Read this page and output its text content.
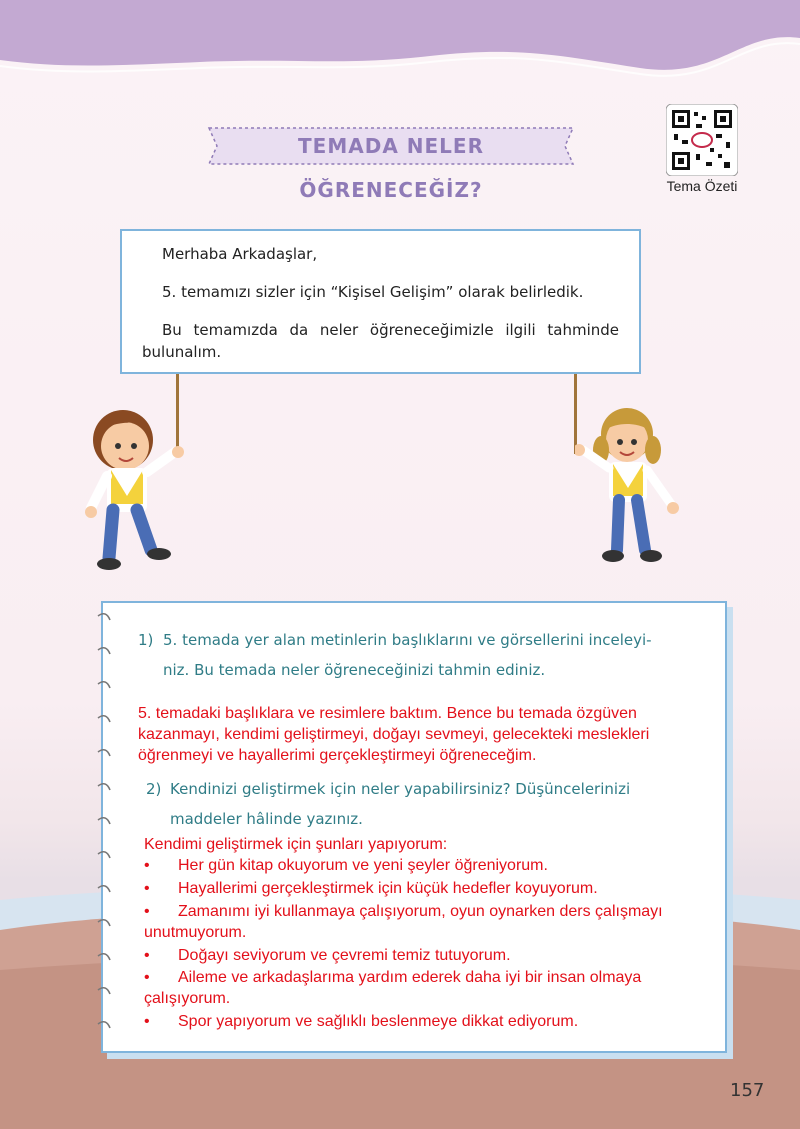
TEMADA NELER ÖĞRENECEĞİZ?	Tema Özeti

Merhaba Arkadaşlar,

5. temamızı sizler için “Kişisel Gelişim” olarak belirledik.

Bu temamızda da neler öğreneceğimizle ilgili tahminde bulunalım.

1) 5. temada yer alan metinlerin başlıklarını ve görsellerini inceleyi-
niz. Bu temada neler öğreneceğinizi tahmin ediniz.
5. temadaki başlıklara ve resimlere baktım. Bence bu temada özgüven
kazanmayı, kendimi geliştirmeyi, doğayı sevmeyi, gelecekteki meslekleri
öğrenmeyi ve hayallerimi gerçekleştirmeyi öğreneceğim.
2) Kendinizi geliştirmek için neler yapabilirsiniz? Düşüncelerinizi
maddeler hâlinde yazınız.
Kendimi geliştirmek için şunları yapıyorum:
• Her gün kitap okuyorum ve yeni şeyler öğreniyorum.
• Hayallerimi gerçekleştirmek için küçük hedefler koyuyorum.
• Zamanımı iyi kullanmaya çalışıyorum, oyun oynarken ders çalışmayı
unutmuyorum.
• Doğayı seviyorum ve çevremi temiz tutuyorum.
• Aileme ve arkadaşlarıma yardım ederek daha iyi bir insan olmaya
çalışıyorum.
• Spor yapıyorum ve sağlıklı beslenmeye dikkat ediyorum.
157
